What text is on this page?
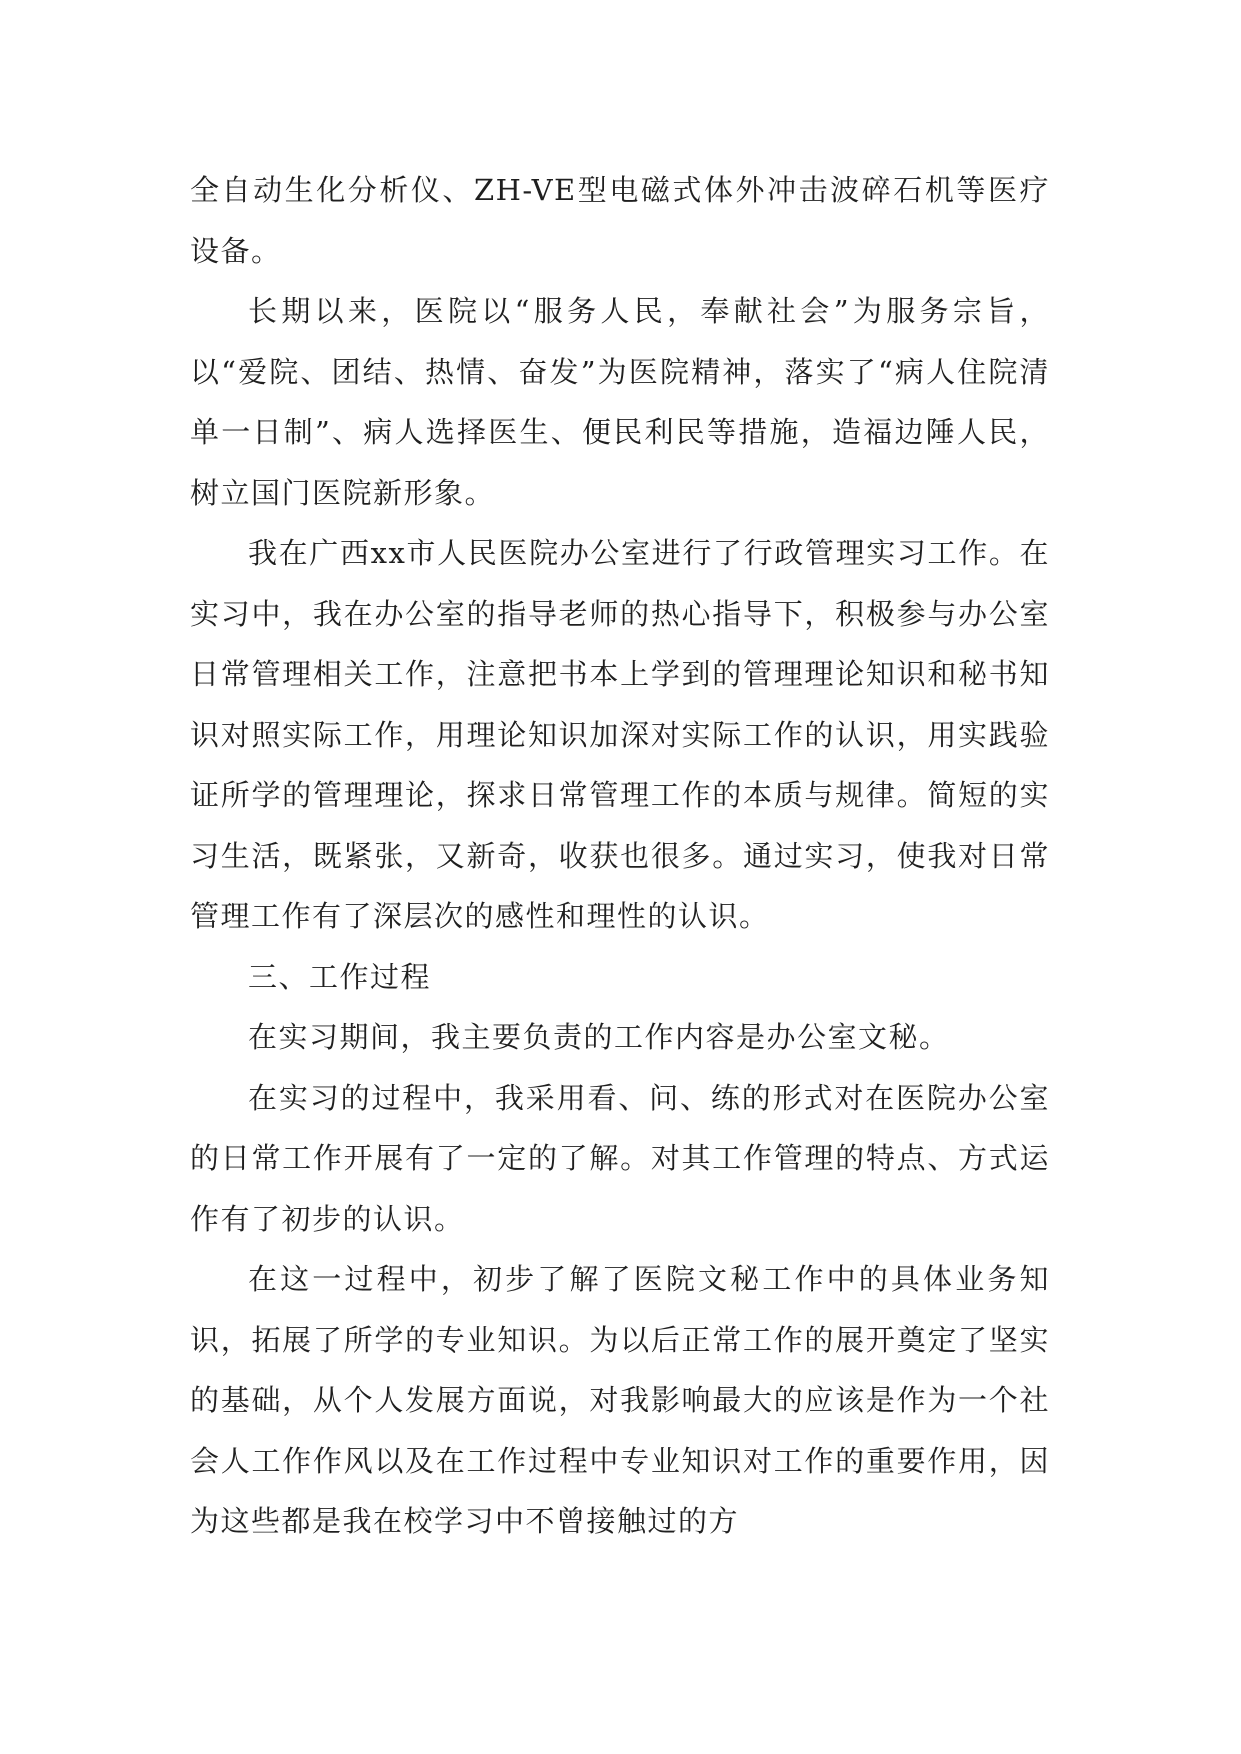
全自动生化分析仪、ZH-VE型电磁式体外冲击波碎石机等医疗设备。

长期以来，医院以“服务人民，奉献社会”为服务宗旨，以“爱院、团结、热情、奋发”为医院精神，落实了“病人住院清单一日制”、病人选择医生、便民利民等措施，造福边陲人民，树立国门医院新形象。

我在广西xx市人民医院办公室进行了行政管理实习工作。在实习中，我在办公室的指导老师的热心指导下，积极参与办公室日常管理相关工作，注意把书本上学到的管理理论知识和秘书知识对照实际工作，用理论知识加深对实际工作的认识，用实践验证所学的管理理论，探求日常管理工作的本质与规律。简短的实习生活，既紧张，又新奇，收获也很多。通过实习，使我对日常管理工作有了深层次的感性和理性的认识。

三、工作过程

在实习期间，我主要负责的工作内容是办公室文秘。

在实习的过程中，我采用看、问、练的形式对在医院办公室的日常工作开展有了一定的了解。对其工作管理的特点、方式运作有了初步的认识。

在这一过程中，初步了解了医院文秘工作中的具体业务知识，拓展了所学的专业知识。为以后正常工作的展开奠定了坚实的基础，从个人发展方面说，对我影响最大的应该是作为一个社会人工作作风以及在工作过程中专业知识对工作的重要作用，因为这些都是我在校学习中不曾接触过的方
